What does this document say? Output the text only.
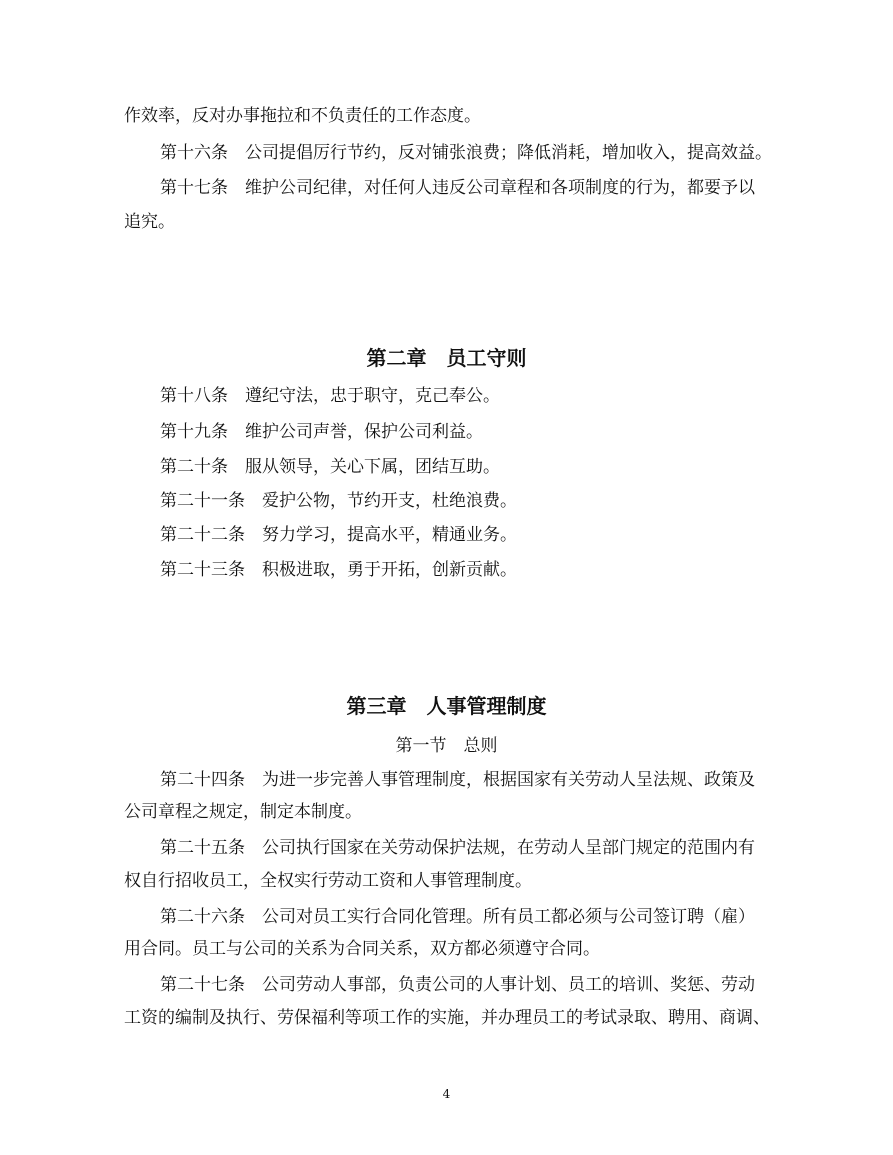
作效率，反对办事拖拉和不负责任的工作态度。
第十六条 公司提倡厉行节约，反对铺张浪费；降低消耗，增加收入，提高效益。
第十七条 维护公司纪律，对任何人违反公司章程和各项制度的行为，都要予以
追究。
第二章　员工守则
第十八条 遵纪守法，忠于职守，克己奉公。
第十九条 维护公司声誉，保护公司利益。
第二十条 服从领导，关心下属，团结互助。
第二十一条 爱护公物，节约开支，杜绝浪费。
第二十二条 努力学习，提高水平，精通业务。
第二十三条 积极进取，勇于开拓，创新贡献。
第三章　人事管理制度
第一节　总则
第二十四条 为进一步完善人事管理制度，根据国家有关劳动人呈法规、政策及
公司章程之规定，制定本制度。
第二十五条 公司执行国家在关劳动保护法规，在劳动人呈部门规定的范围内有
权自行招收员工，全权实行劳动工资和人事管理制度。
第二十六条 公司对员工实行合同化管理。所有员工都必须与公司签订聘（雇）
用合同。员工与公司的关系为合同关系，双方都必须遵守合同。
第二十七条 公司劳动人事部，负责公司的人事计划、员工的培训、奖惩、劳动
工资的编制及执行、劳保福利等项工作的实施，并办理员工的考试录取、聘用、商调、
4
